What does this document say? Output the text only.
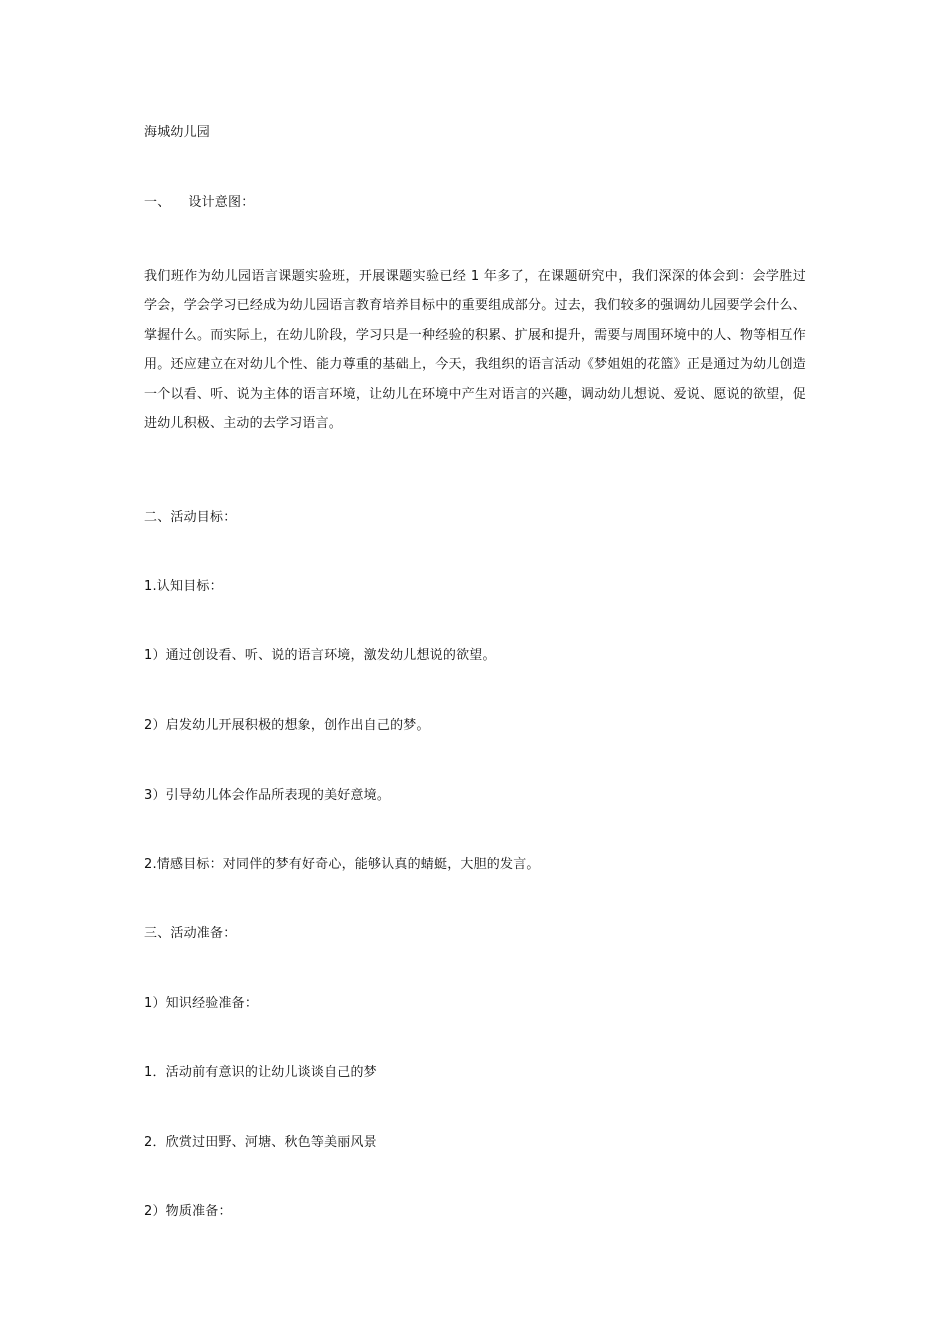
海城幼儿园
一、 设计意图：
我们班作为幼儿园语言课题实验班，开展课题实验已经 1 年多了，在课题研究中，我们深深的体会到：会学胜过学会，学会学习已经成为幼儿园语言教育培养目标中的重要组成部分。过去，我们较多的强调幼儿园要学会什么、掌握什么。而实际上，在幼儿阶段，学习只是一种经验的积累、扩展和提升，需要与周围环境中的人、物等相互作用。还应建立在对幼儿个性、能力尊重的基础上，今天，我组织的语言活动《梦姐姐的花篮》正是通过为幼儿创造一个以看、听、说为主体的语言环境，让幼儿在环境中产生对语言的兴趣，调动幼儿想说、爱说、愿说的欲望，促进幼儿积极、主动的去学习语言。
二、活动目标：
1.认知目标：
1）通过创设看、听、说的语言环境，激发幼儿想说的欲望。
2）启发幼儿开展积极的想象，创作出自己的梦。
3）引导幼儿体会作品所表现的美好意境。
2.情感目标：对同伴的梦有好奇心，能够认真的蜻蜓，大胆的发言。
三、活动准备：
1）知识经验准备：
1．活动前有意识的让幼儿谈谈自己的梦
2．欣赏过田野、河塘、秋色等美丽风景
2）物质准备：
